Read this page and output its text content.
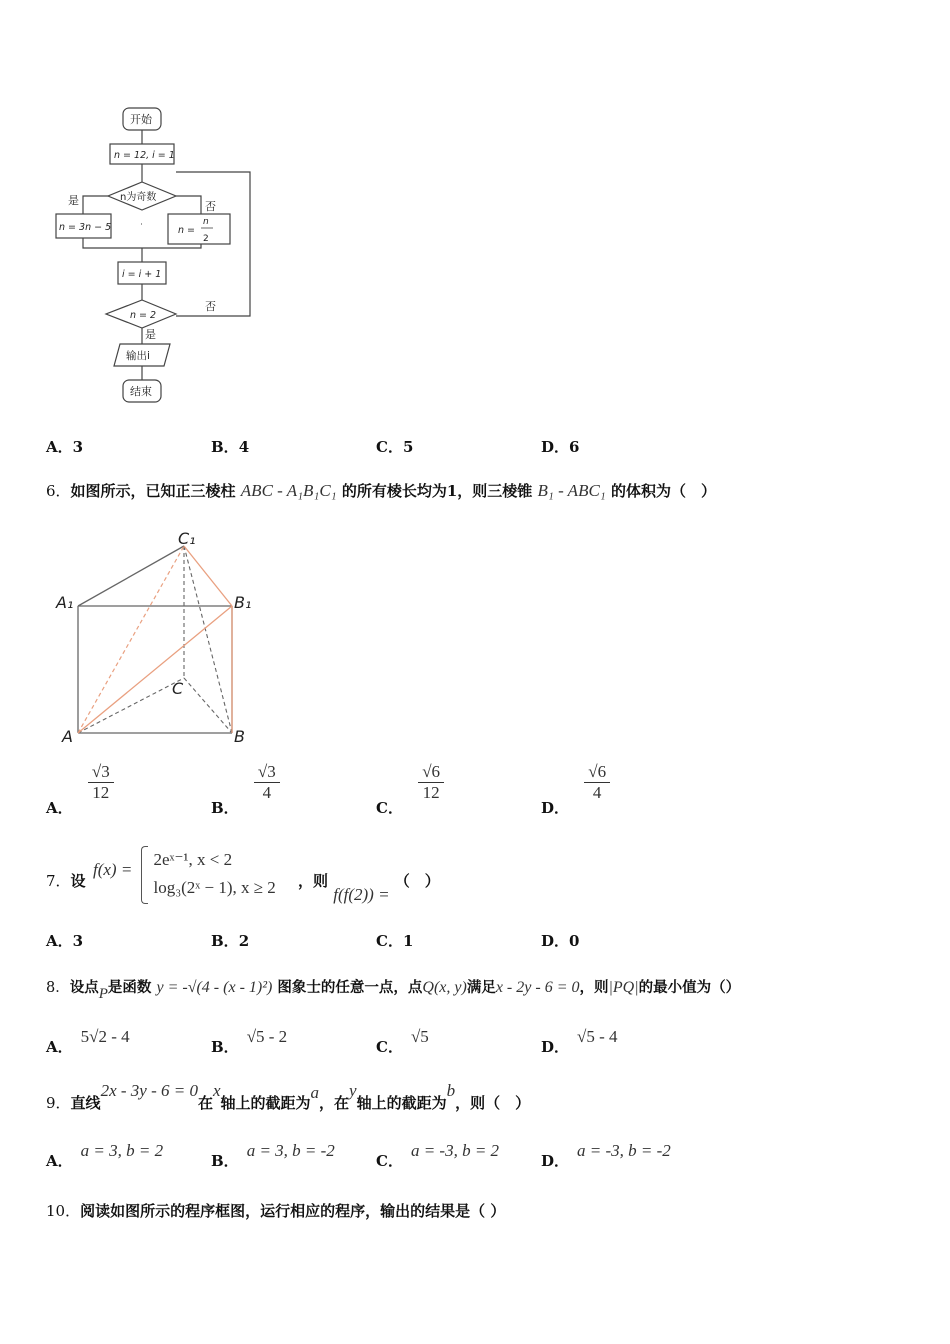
开始
n = 12, i = 1
n为奇数
是	否
n = 3n − 5	n =
n
2
i = i + 1
n = 2
否
是
输出i
结束
A．3	B．4	C．5	D．6
6．如图所示，已知正三棱柱 ABC - A₁B₁C₁ 的所有棱长均为1，则三棱锥 B₁ - ABC₁ 的体积为（　）
C₁
A₁	B₁
C
A	B
A．
$\frac{√3}{12}$
B．
$\frac{√3}{4}$
C．
$\frac{√6}{12}$
D．
$\frac{√6}{4}$
7．设
f(x) =
2eˣ⁻¹, x < 2
log₃(2ˣ − 1), x ≥ 2 ，则 f(f(2)) = （　）
A．3	B．2	C．1	D．0
8．设点P是函数 y = -√(4 - (x - 1)²) 图象士的任意一点，点Q(x, y)满足x - 2y - 6 = 0，则|PQ|的最小值为（）
A．5√2 - 4
B．√5 - 2
C．√5
D．√5 - 4
9．直线2x - 3y - 6 = 0在x轴上的截距为a，在y轴上的截距为b，则（　）
A．a = 3, b = 2
B．a = 3, b = -2
C．a = -3, b = 2
D．a = -3, b = -2
10．阅读如图所示的程序框图，运行相应的程序，输出的结果是（ ）
